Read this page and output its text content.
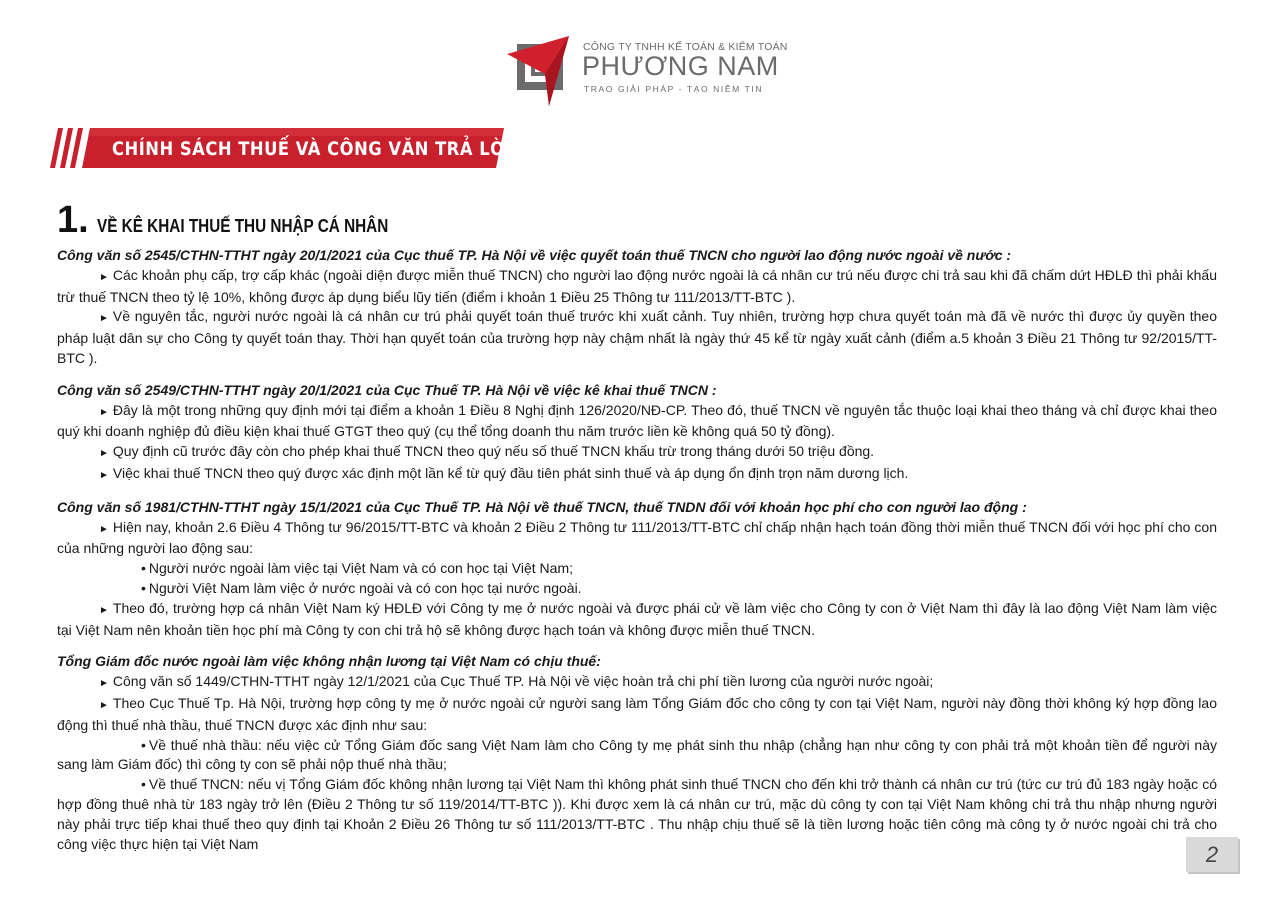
CÔNG TY TNHH KẾ TOÁN & KIỂM TOÁN
PHƯƠNG NAM
TRAO GIẢI PHÁP - TẠO NIỀM TIN
CHÍNH SÁCH THUẾ VÀ CÔNG VĂN TRẢ LỜI
1. VỀ KÊ KHAI THUẾ THU NHẬP CÁ NHÂN

Công văn số 2545/CTHN-TTHT ngày 20/1/2021 của Cục thuế TP. Hà Nội về việc quyết toán thuế TNCN cho người lao động nước ngoài về nước :

► Các khoản phụ cấp, trợ cấp khác (ngoài diện được miễn thuế TNCN) cho người lao động nước ngoài là cá nhân cư trú nếu được chi trả sau khi đã chấm dứt HĐLĐ thì phải khấu trừ thuế TNCN theo tỷ lệ 10%, không được áp dụng biểu lũy tiến (điểm i khoản 1 Điều 25 Thông tư 111/2013/TT-BTC ).

► Về nguyên tắc, người nước ngoài là cá nhân cư trú phải quyết toán thuế trước khi xuất cảnh. Tuy nhiên, trường hợp chưa quyết toán mà đã về nước thì được ủy quyền theo pháp luật dân sự cho Công ty quyết toán thay. Thời hạn quyết toán của trường hợp này chậm nhất là ngày thứ 45 kể từ ngày xuất cảnh (điểm a.5 khoản 3 Điều 21 Thông tư 92/2015/TT-BTC ).

Công văn số 2549/CTHN-TTHT ngày 20/1/2021 của Cục Thuế TP. Hà Nội về việc kê khai thuế TNCN :

► Đây là một trong những quy định mới tại điểm a khoản 1 Điều 8 Nghị định 126/2020/NĐ-CP. Theo đó, thuế TNCN về nguyên tắc thuộc loại khai theo tháng và chỉ được khai theo quý khi doanh nghiệp đủ điều kiện khai thuế GTGT theo quý (cụ thể tổng doanh thu năm trước liền kề không quá 50 tỷ đồng).

► Quy định cũ trước đây còn cho phép khai thuế TNCN theo quý nếu số thuế TNCN khấu trừ trong tháng dưới 50 triệu đồng.

► Việc khai thuế TNCN theo quý được xác định một lần kể từ quý đầu tiên phát sinh thuế và áp dụng ổn định trọn năm dương lịch.

Công văn số 1981/CTHN-TTHT ngày 15/1/2021 của Cục Thuế TP. Hà Nội về thuế TNCN, thuế TNDN đối với khoản học phí cho con người lao động :

► Hiện nay, khoản 2.6 Điều 4 Thông tư 96/2015/TT-BTC và khoản 2 Điều 2 Thông tư 111/2013/TT-BTC chỉ chấp nhận hạch toán đồng thời miễn thuế TNCN đối với học phí cho con của những người lao động sau:

• Người nước ngoài làm việc tại Việt Nam và có con học tại Việt Nam;

• Người Việt Nam làm việc ở nước ngoài và có con học tại nước ngoài.

► Theo đó, trường hợp cá nhân Việt Nam ký HĐLĐ với Công ty mẹ ở nước ngoài và được phái cử về làm việc cho Công ty con ở Việt Nam thì đây là lao động Việt Nam làm việc tại Việt Nam nên khoản tiền học phí mà Công ty con chi trả hộ sẽ không được hạch toán và không được miễn thuế TNCN.

Tổng Giám đốc nước ngoài làm việc không nhận lương tại Việt Nam có chịu thuế:

► Công văn số 1449/CTHN-TTHT ngày 12/1/2021 của Cục Thuế TP. Hà Nội về việc hoàn trả chi phí tiền lương của người nước ngoài;

► Theo Cục Thuế Tp. Hà Nội, trường hợp công ty mẹ ở nước ngoài cử người sang làm Tổng Giám đốc cho công ty con tại Việt Nam, người này đồng thời không ký hợp đồng lao động thì thuế nhà thầu, thuế TNCN được xác định như sau:

• Về thuế nhà thầu: nếu việc cử Tổng Giám đốc sang Việt Nam làm cho Công ty mẹ phát sinh thu nhập (chẳng hạn như công ty con phải trả một khoản tiền để người này sang làm Giám đốc) thì công ty con sẽ phải nộp thuế nhà thầu;

• Về thuế TNCN: nếu vị Tổng Giám đốc không nhận lương tại Việt Nam thì không phát sinh thuế TNCN cho đến khi trở thành cá nhân cư trú (tức cư trú đủ 183 ngày hoặc có hợp đồng thuê nhà từ 183 ngày trở lên (Điều 2 Thông tư số 119/2014/TT-BTC )). Khi được xem là cá nhân cư trú, mặc dù công ty con tại Việt Nam không chi trả thu nhập nhưng người này phải trực tiếp khai thuế theo quy định tại Khoản 2 Điều 26 Thông tư số 111/2013/TT-BTC . Thu nhập chịu thuế sẽ là tiền lương hoặc tiên công mà công ty ở nước ngoài chi trả cho công việc thực hiện tại Việt Nam	2
